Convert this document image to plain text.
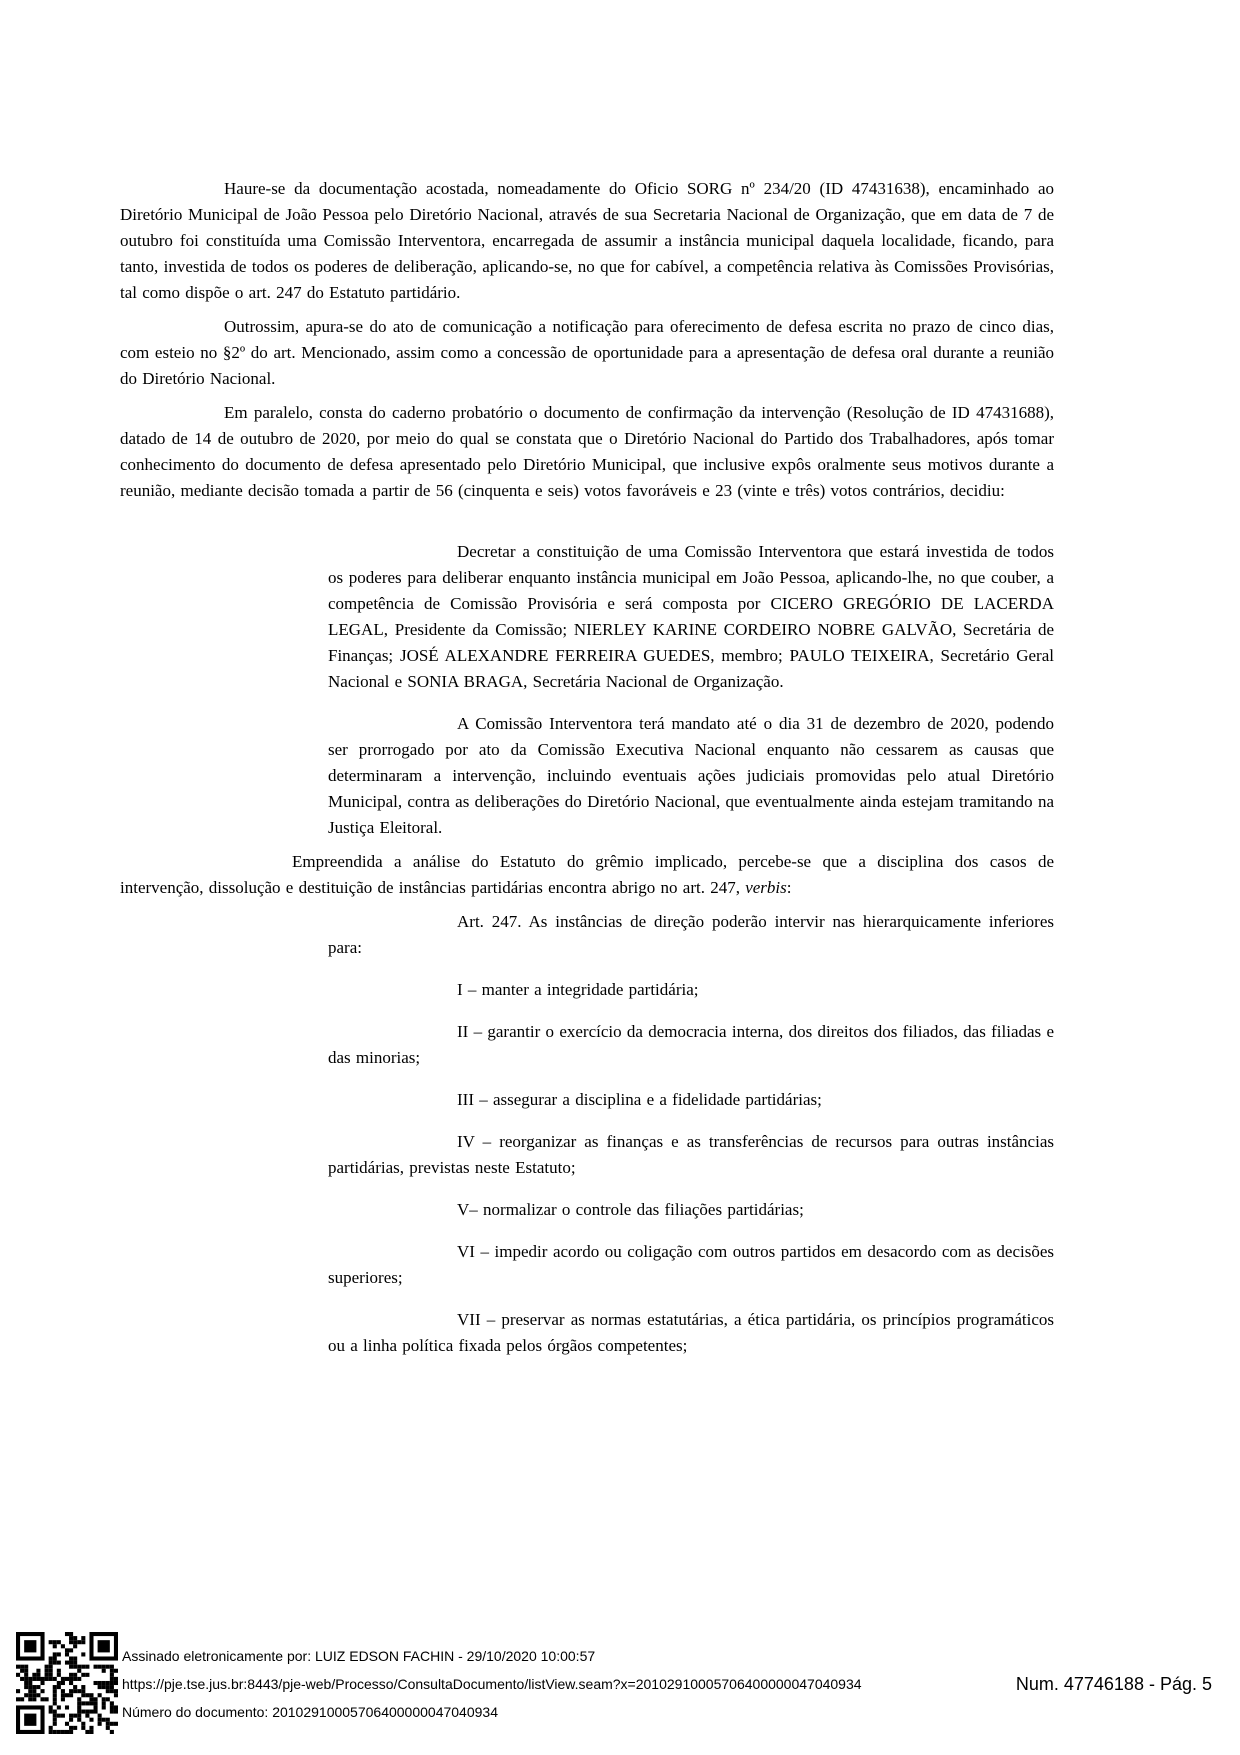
Haure-se da documentação acostada, nomeadamente do Oficio SORG nº 234/20 (ID 47431638), encaminhado ao Diretório Municipal de João Pessoa pelo Diretório Nacional, através de sua Secretaria Nacional de Organização, que em data de 7 de outubro foi constituída uma Comissão Interventora, encarregada de assumir a instância municipal daquela localidade, ficando, para tanto, investida de todos os poderes de deliberação, aplicando-se, no que for cabível, a competência relativa às Comissões Provisórias, tal como dispõe o art. 247 do Estatuto partidário.

Outrossim, apura-se do ato de comunicação a notificação para oferecimento de defesa escrita no prazo de cinco dias, com esteio no §2º do art. Mencionado, assim como a concessão de oportunidade para a apresentação de defesa oral durante a reunião do Diretório Nacional.

Em paralelo, consta do caderno probatório o documento de confirmação da intervenção (Resolução de ID 47431688), datado de 14 de outubro de 2020, por meio do qual se constata que o Diretório Nacional do Partido dos Trabalhadores, após tomar conhecimento do documento de defesa apresentado pelo Diretório Municipal, que inclusive expôs oralmente seus motivos durante a reunião, mediante decisão tomada a partir de 56 (cinquenta e seis) votos favoráveis e 23 (vinte e três) votos contrários, decidiu:

Decretar a constituição de uma Comissão Interventora que estará investida de todos os poderes para deliberar enquanto instância municipal em João Pessoa, aplicando-lhe, no que couber, a competência de Comissão Provisória e será composta por CICERO GREGÓRIO DE LACERDA LEGAL, Presidente da Comissão; NIERLEY KARINE CORDEIRO NOBRE GALVÃO, Secretária de Finanças; JOSÉ ALEXANDRE FERREIRA GUEDES, membro; PAULO TEIXEIRA, Secretário Geral Nacional e SONIA BRAGA, Secretária Nacional de Organização.

A Comissão Interventora terá mandato até o dia 31 de dezembro de 2020, podendo ser prorrogado por ato da Comissão Executiva Nacional enquanto não cessarem as causas que determinaram a intervenção, incluindo eventuais ações judiciais promovidas pelo atual Diretório Municipal, contra as deliberações do Diretório Nacional, que eventualmente ainda estejam tramitando na Justiça Eleitoral.

Empreendida a análise do Estatuto do grêmio implicado, percebe-se que a disciplina dos casos de intervenção, dissolução e destituição de instâncias partidárias encontra abrigo no art. 247, verbis:

Art. 247. As instâncias de direção poderão intervir nas hierarquicamente inferiores para:

I – manter a integridade partidária;

II – garantir o exercício da democracia interna, dos direitos dos filiados, das filiadas e das minorias;

III – assegurar a disciplina e a fidelidade partidárias;

IV – reorganizar as finanças e as transferências de recursos para outras instâncias partidárias, previstas neste Estatuto;

V– normalizar o controle das filiações partidárias;

VI – impedir acordo ou coligação com outros partidos em desacordo com as decisões superiores;

VII – preservar as normas estatutárias, a ética partidária, os princípios programáticos ou a linha política fixada pelos órgãos competentes;

Assinado eletronicamente por: LUIZ EDSON FACHIN - 29/10/2020 10:00:57
https://pje.tse.jus.br:8443/pje-web/Processo/ConsultaDocumento/listView.seam?x=20102910005706400000047040934
Número do documento: 20102910005706400000047040934
Num. 47746188 - Pág. 5
